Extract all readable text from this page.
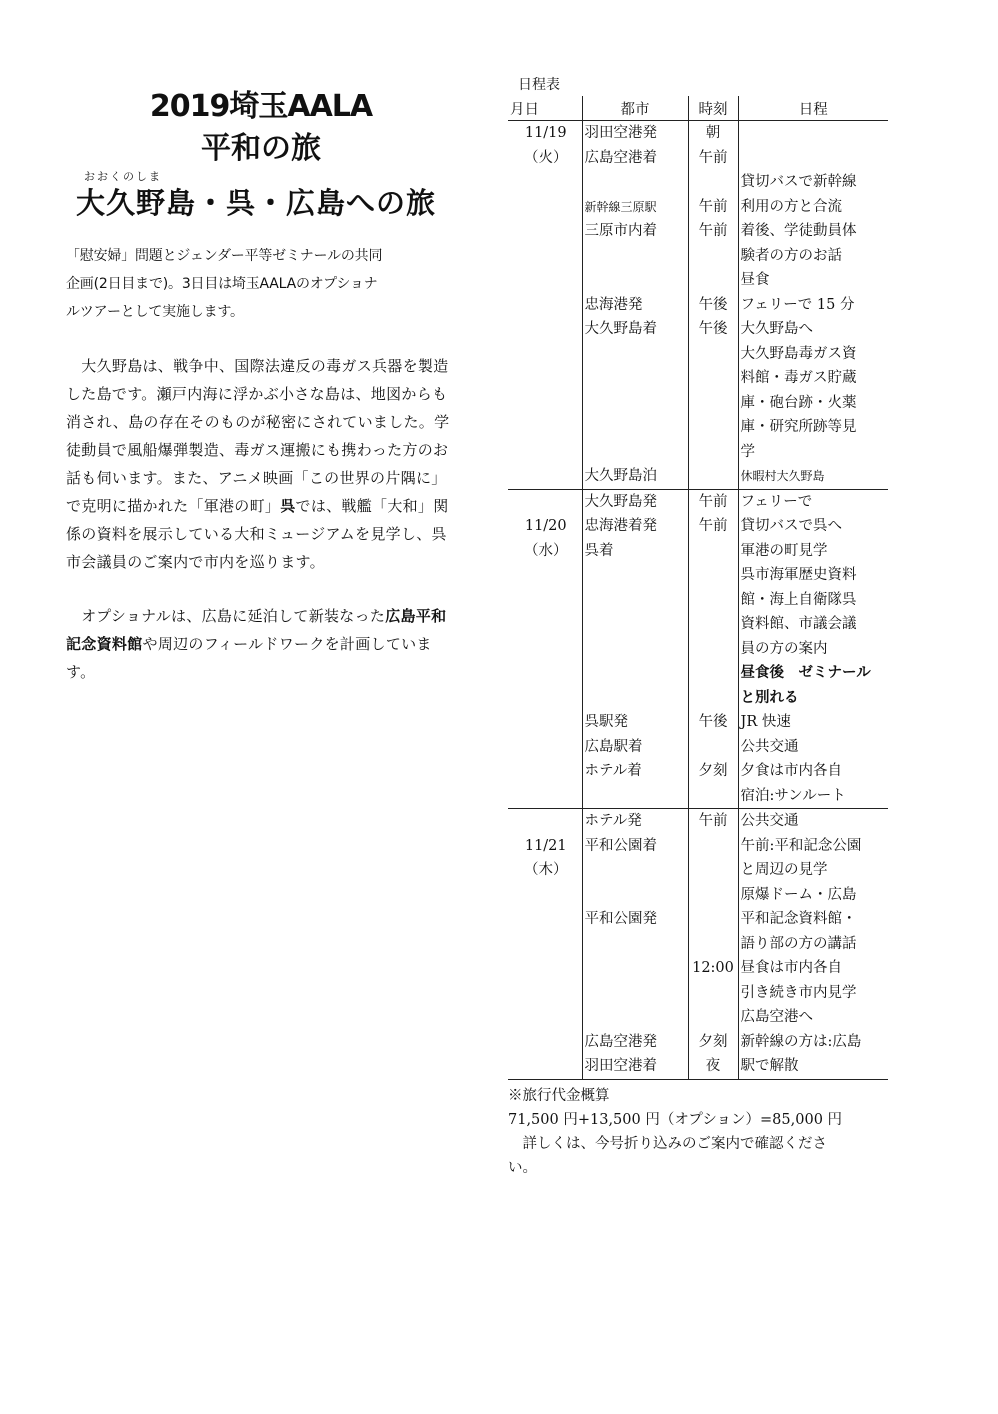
2019埼玉AALA
平和の旅
おおくのしま
大久野島・呉・広島への旅
「慰安婦」問題とジェンダー平等ゼミナールの共同
企画(2日目まで)。3日目は埼玉AALAのオプショナ
ルツアーとして実施します。

　大久野島は、戦争中、国際法違反の毒ガス兵器を製造した島です。瀬戸内海に浮かぶ小さな島は、地図からも消され、島の存在そのものが秘密にされていました。学徒動員で風船爆弾製造、毒ガス運搬にも携わった方のお話も伺います。また、アニメ映画「この世界の片隅に」で克明に描かれた「軍港の町」呉では、戦艦「大和」関係の資料を展示している大和ミュージアムを見学し、呉市会議員のご案内で市内を巡ります。

　オプショナルは、広島に延泊して新装なった広島平和記念資料館や周辺のフィールドワークを計画しています。

日程表
月日	都市	時刻	日程
11/19	羽田空港発	朝	
（火）	広島空港着	午前	
			貸切バスで新幹線
	新幹線三原駅	午前	利用の方と合流
	三原市内着	午前	着後、学徒動員体
			験者の方のお話
			昼食
	忠海港発	午後	フェリーで 15 分
	大久野島着	午後	大久野島へ
			大久野島毒ガス資
			料館・毒ガス貯蔵
			庫・砲台跡・火薬
			庫・研究所跡等見
			学
	大久野島泊		休暇村大久野島
	大久野島発	午前	フェリーで
11/20	忠海港着発	午前	貸切バスで呉へ
（水）	呉着		軍港の町見学
			呉市海軍歴史資料
			館・海上自衛隊呉
			資料館、市議会議
			員の方の案内
			昼食後　ゼミナール
			と別れる
	呉駅発	午後	JR 快速
	広島駅着		公共交通
	ホテル着	夕刻	夕食は市内各自
			宿泊:サンルート
	ホテル発	午前	公共交通
11/21	平和公園着		午前:平和記念公園
（木）			と周辺の見学
			原爆ドーム・広島
	平和公園発		平和記念資料館・
			語り部の方の講話
		12:00	昼食は市内各自
			引き続き市内見学
			広島空港へ
	広島空港発	夕刻	新幹線の方は:広島
	羽田空港着	夜	駅で解散
※旅行代金概算
71,500 円+13,500 円（オプション）=85,000 円
　詳しくは、今号折り込みのご案内で確認くださ
い。
